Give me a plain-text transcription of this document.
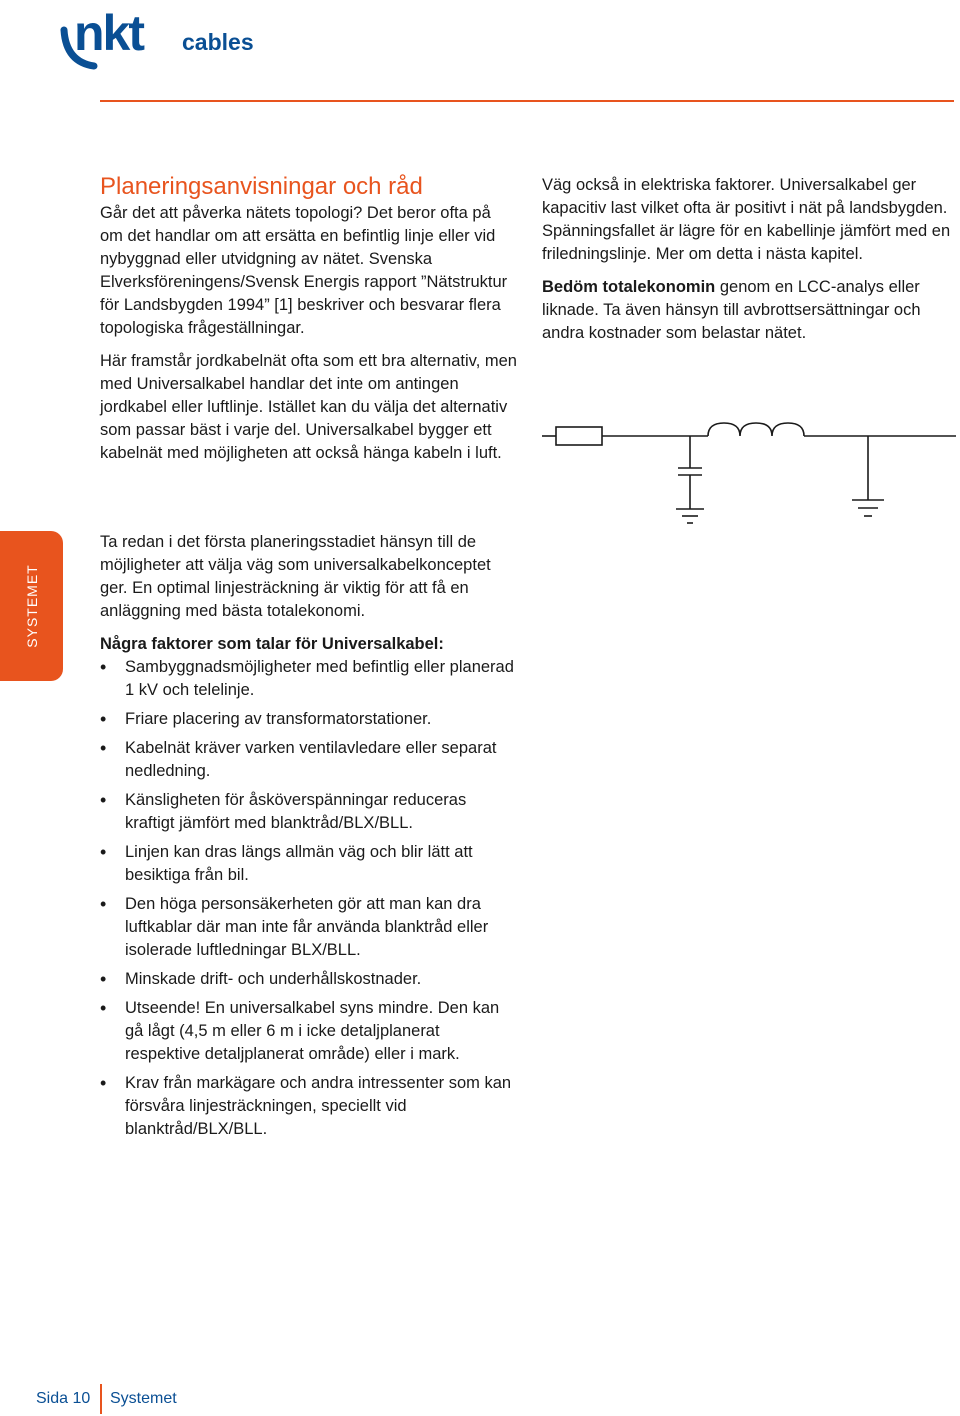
nkt cables
Planeringsanvisningar och råd

Går det att påverka nätets topologi? Det beror ofta på om det handlar om att ersätta en befintlig linje eller vid nybyggnad eller utvidgning av nätet. Svenska Elverksföreningens/Svensk Energis rapport ”Nätstruktur för Landsbygden 1994” [1] beskriver och besvarar flera topologiska frågeställningar.

Här framstår jordkabelnät ofta som ett bra alternativ, men med Universalkabel handlar det inte om antingen jordkabel eller luftlinje. Istället kan du välja det alternativ som passar bäst i varje del. Universalkabel bygger ett kabelnät med möjligheten att också hänga kabeln i luft.

Väg också in elektriska faktorer. Universalkabel ger kapacitiv last vilket ofta är positivt i nät på landsbygden. Spänningsfallet är lägre för en kabellinje jämfört med en friledningslinje. Mer om detta i nästa kapitel.

Bedöm totalekonomin genom en LCC-analys eller liknade. Ta även hänsyn till avbrottsersättningar och andra kostnader som belastar nätet.

SYSTEMET

Ta redan i det första planeringsstadiet hänsyn till de möjligheter att välja väg som universalkabelkonceptet ger. En optimal linjesträckning är viktig för att få en anläggning med bästa totalekonomi.

Några faktorer som talar för Universalkabel:

• Sambyggnadsmöjligheter med befintlig eller planerad 1 kV och telelinje.
• Friare placering av transformatorstationer.
• Kabelnät kräver varken ventilavledare eller separat nedledning.
• Känsligheten för åsköverspänningar reduceras kraftigt jämfört med blanktråd/BLX/BLL.
• Linjen kan dras längs allmän väg och blir lätt att besiktiga från bil.
• Den höga personsäkerheten gör att man kan dra luftkablar där man inte får använda blanktråd eller isolerade luftledningar BLX/BLL.
• Minskade drift- och underhållskostnader.
• Utseende! En universalkabel syns mindre. Den kan gå lågt (4,5 m eller 6 m i icke detaljplanerat respektive detaljplanerat område) eller i mark.
• Krav från markägare och andra intressenter som kan försvåra linjesträckningen, speciellt vid blanktråd/BLX/BLL.
Sida 10 Systemet
